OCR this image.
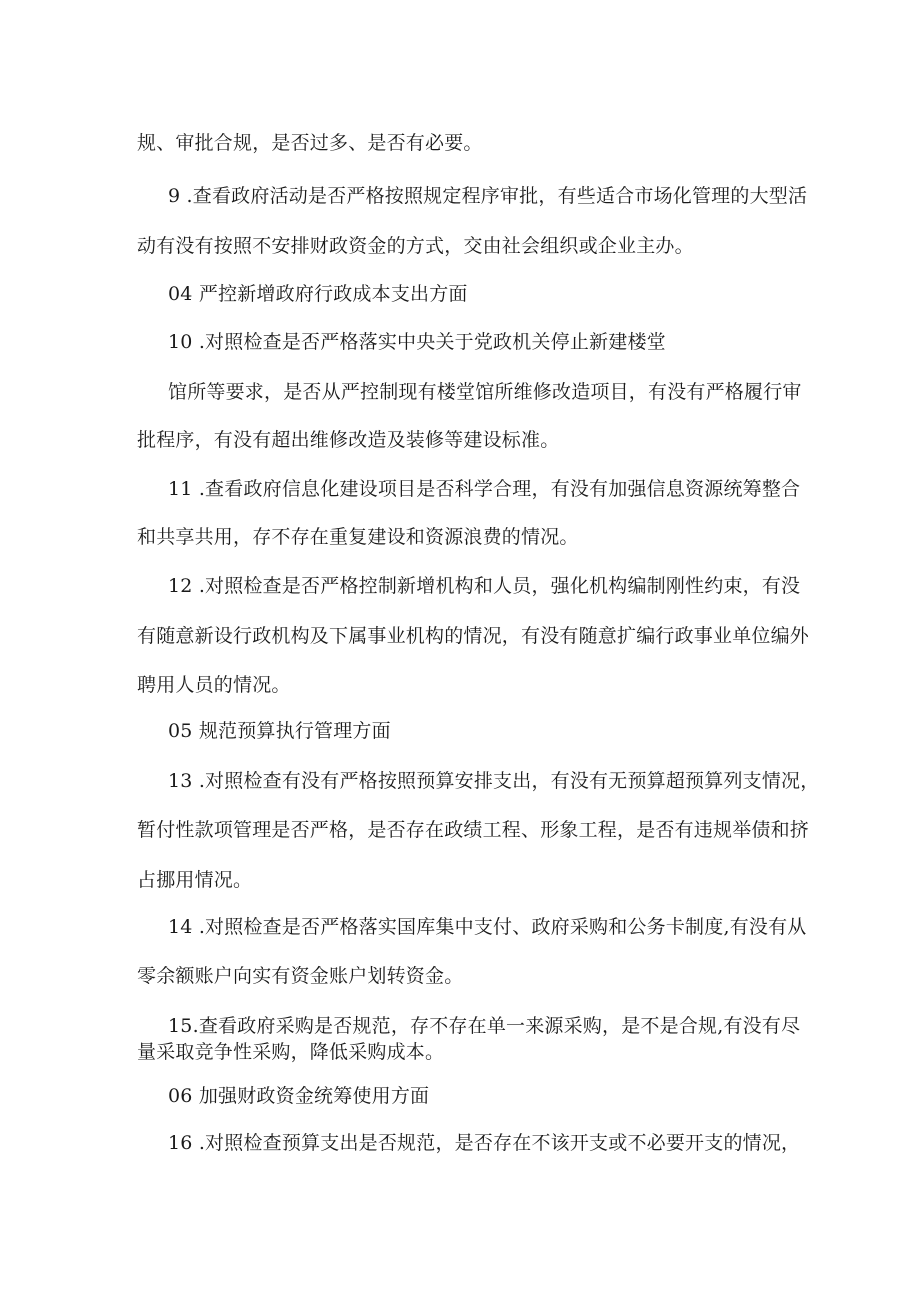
规、审批合规，是否过多、是否有必要。
9 .查看政府活动是否严格按照规定程序审批，有些适合市场化管理的大型活
动有没有按照不安排财政资金的方式，交由社会组织或企业主办。
04 严控新增政府行政成本支出方面
10 .对照检查是否严格落实中央关于党政机关停止新建楼堂
馆所等要求，是否从严控制现有楼堂馆所维修改造项目，有没有严格履行审
批程序，有没有超出维修改造及装修等建设标准。
11 .查看政府信息化建设项目是否科学合理，有没有加强信息资源统筹整合
和共享共用，存不存在重复建设和资源浪费的情况。
12 .对照检查是否严格控制新增机构和人员，强化机构编制刚性约束，有没
有随意新设行政机构及下属事业机构的情况，有没有随意扩编行政事业单位编外
聘用人员的情况。
05 规范预算执行管理方面
13 .对照检查有没有严格按照预算安排支出，有没有无预算超预算列支情况，
暂付性款项管理是否严格，是否存在政绩工程、形象工程，是否有违规举债和挤
占挪用情况。
14 .对照检查是否严格落实国库集中支付、政府采购和公务卡制度,有没有从
零余额账户向实有资金账户划转资金。
15.查看政府采购是否规范，存不存在单一来源采购，是不是合规,有没有尽
量采取竞争性采购，降低采购成本。
06 加强财政资金统筹使用方面
16 .对照检查预算支出是否规范，是否存在不该开支或不必要开支的情况，
